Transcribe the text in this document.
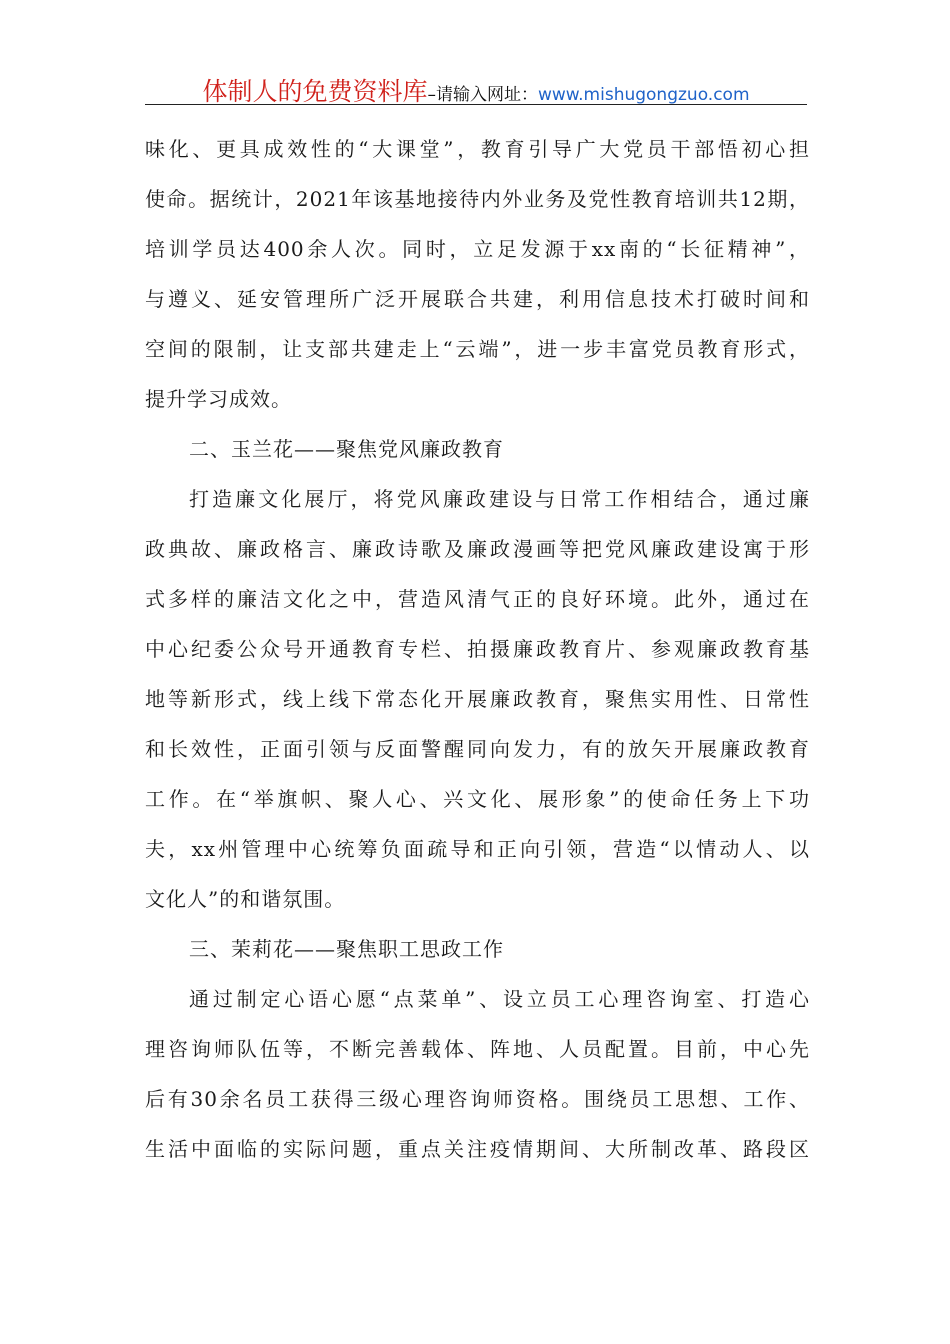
体制人的免费资料库–请输入网址：www.mishugongzuo.com
味化、更具成效性的“大课堂”，教育引导广大党员干部悟初心担
使命。据统计，2021年该基地接待内外业务及党性教育培训共12期，
培训学员达400余人次。同时，立足发源于xx南的“长征精神”，
与遵义、延安管理所广泛开展联合共建，利用信息技术打破时间和
空间的限制，让支部共建走上“云端”，进一步丰富党员教育形式，
提升学习成效。
二、玉兰花——聚焦党风廉政教育
打造廉文化展厅，将党风廉政建设与日常工作相结合，通过廉
政典故、廉政格言、廉政诗歌及廉政漫画等把党风廉政建设寓于形
式多样的廉洁文化之中，营造风清气正的良好环境。此外，通过在
中心纪委公众号开通教育专栏、拍摄廉政教育片、参观廉政教育基
地等新形式，线上线下常态化开展廉政教育，聚焦实用性、日常性
和长效性，正面引领与反面警醒同向发力，有的放矢开展廉政教育
工作。在“举旗帜、聚人心、兴文化、展形象”的使命任务上下功
夫，xx州管理中心统筹负面疏导和正向引领，营造“以情动人、以
文化人”的和谐氛围。
三、茉莉花——聚焦职工思政工作
通过制定心语心愿“点菜单”、设立员工心理咨询室、打造心
理咨询师队伍等，不断完善载体、阵地、人员配置。目前，中心先
后有30余名员工获得三级心理咨询师资格。围绕员工思想、工作、
生活中面临的实际问题，重点关注疫情期间、大所制改革、路段区
